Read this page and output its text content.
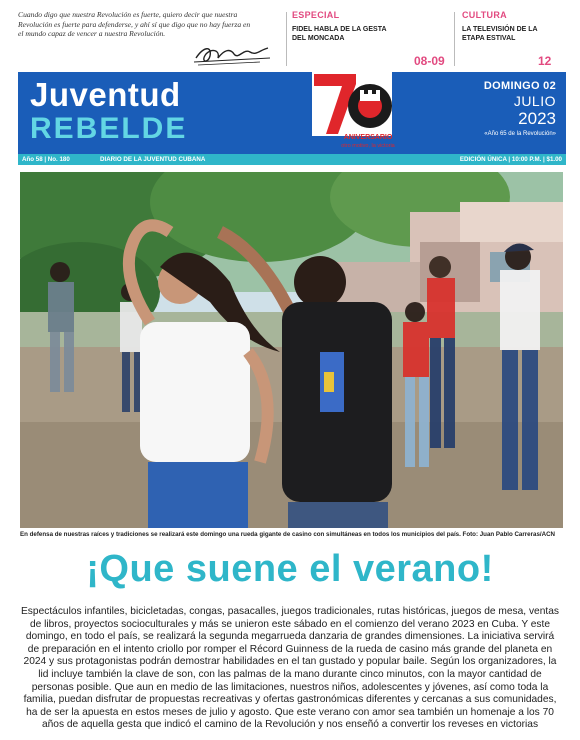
Cuando digo que nuestra Revolución es fuerte, quiero decir que nuestra Revolución es fuerte para defenderse, y ahí sí que digo que no hay fuerza en el mundo capaz de vencer a nuestra Revolución.

ESPECIAL
FIDEL HABLA DE LA GESTA DEL MONCADA
08-09
CULTURA
LA TELEVISIÓN DE LA ETAPA ESTIVAL
12
Juventud
REBELDE	ANIVERSARIO
otro motivo, la victoria
DOMINGO 02
JULIO
2023
«Año 65 de la Revolución»
Año 58 | No. 180	DIARIO DE LA JUVENTUD CUBANA	EDICIÓN ÚNICA | 10:00 P.M. | $1.00
En defensa de nuestras raíces y tradiciones se realizará este domingo una rueda gigante de casino con simultáneas en todos los municipios del país. Foto: Juan Pablo Carreras/ACN
¡Que suene el verano!

Espectáculos infantiles, bicicletadas, congas, pasacalles, juegos tradicionales, rutas históricas, juegos de mesa, ventas de libros, proyectos socioculturales y más se unieron este sábado en el comienzo del verano 2023 en Cuba. Y este domingo, en todo el país, se realizará la segunda megarrueda danzaria de grandes dimensiones. La iniciativa servirá de preparación en el intento criollo por romper el Récord Guinness de la rueda de casino más grande del planeta en 2024 y sus protagonistas podrán demostrar habilidades en el tan gustado y popular baile. Según los organizadores, la lid incluye también la clave de son, con las palmas de la mano durante cinco minutos, con la mayor cantidad de personas posible. Que aun en medio de las limitaciones, nuestros niños, adolescentes y jóvenes, así como toda la familia, puedan disfrutar de propuestas recreativas y ofertas gastronómicas diferentes y cercanas a sus comunidades, ha de ser la apuesta en estos meses de julio y agosto. Que este verano con amor sea también un homenaje a los 70 años de aquella gesta que indicó el camino de la Revolución y nos enseñó a convertir los reveses en victorias
